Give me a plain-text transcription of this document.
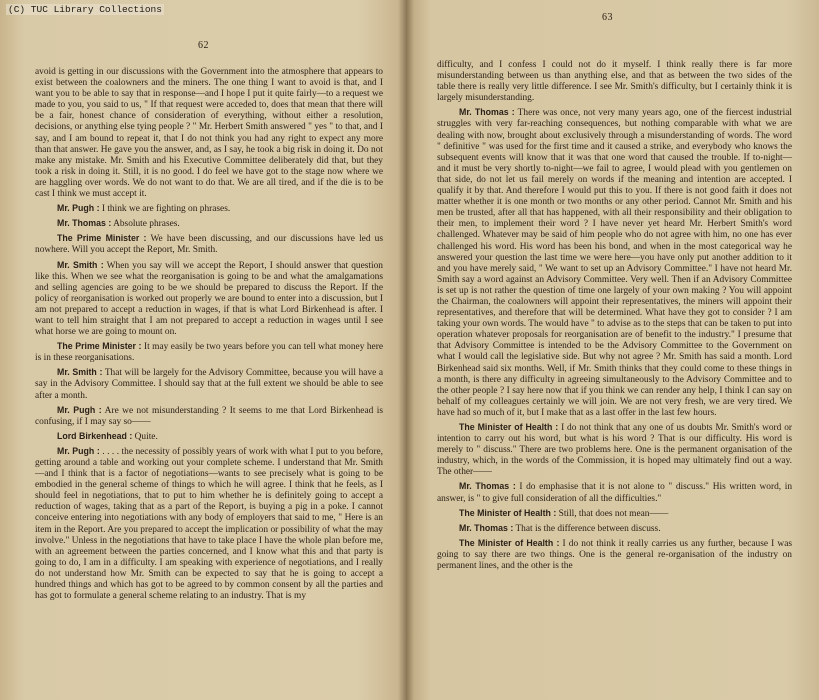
62

avoid is getting in our discussions with the Government into the atmosphere that appears to exist between the coalowners and the miners. The one thing I want to avoid is that, and I want you to be able to say that in response—and I hope I put it quite fairly—to a request we made to you, you said to us, " If that request were acceded to, does that mean that there will be a fair, honest chance of consideration of everything, without either a resolution, decisions, or anything else tying people ? " Mr. Herbert Smith answered " yes " to that, and I say, and I am bound to repeat it, that I do not think you had any right to expect any more than that answer. He gave you the answer, and, as I say, he took a big risk in doing it. Do not make any mistake. Mr. Smith and his Executive Committee deliberately did that, but they took a risk in doing it. Still, it is no good. I do feel we have got to the stage now where we are haggling over words. We do not want to do that. We are all tired, and if the die is to be cast I think we must accept it.

Mr. Pugh : I think we are fighting on phrases.

Mr. Thomas : Absolute phrases.

The Prime Minister : We have been discussing, and our discussions have led us nowhere. Will you accept the Report, Mr. Smith.

Mr. Smith : When you say will we accept the Report, I should answer that question like this. When we see what the reorganisation is going to be and what the amalgamations and selling agencies are going to be we should be prepared to discuss the Report. If the policy of reorganisation is worked out properly we are bound to enter into a discussion, but I am not prepared to accept a reduction in wages, if that is what Lord Birkenhead is after. I want to tell him straight that I am not prepared to accept a reduction in wages until I see what horse we are going to mount on.

The Prime Minister : It may easily be two years before you can tell what money here is in these reorganisations.

Mr. Smith : That will be largely for the Advisory Committee, because you will have a say in the Advisory Committee. I should say that at the full extent we should be able to see after a month.

Mr. Pugh : Are we not misunderstanding ? It seems to me that Lord Birkenhead is confusing, if I may say so——

Lord Birkenhead : Quite.

Mr. Pugh : . . . . the necessity of possibly years of work with what I put to you before, getting around a table and working out your complete scheme. I understand that Mr. Smith—and I think that is a factor of negotiations—wants to see precisely what is going to be embodied in the general scheme of things to which he will agree. I think that he feels, as I should feel in negotiations, that to put to him whether he is definitely going to accept a reduction of wages, taking that as a part of the Report, is buying a pig in a poke. I cannot conceive entering into negotiations with any body of employers that said to me, " Here is an item in the Report. Are you prepared to accept the implication or possibility of what the may involve." Unless in the negotiations that have to take place I have the whole plan before me, with an agreement between the parties concerned, and I know what this and that party is going to do, I am in a difficulty. I am speaking with experience of negotiations, and I really do not understand how Mr. Smith can be expected to say that he is going to accept a hundred things and which has got to be agreed to by common consent by all the parties and has got to formulate a general scheme relating to an industry. That is my

63

difficulty, and I confess I could not do it myself. I think really there is far more misunderstanding between us than anything else, and that as between the two sides of the table there is really very little difference. I see Mr. Smith's difficulty, but I certainly think it is largely misunderstanding.

Mr. Thomas : There was once, not very many years ago, one of the fiercest industrial struggles with very far-reaching consequences, but nothing comparable with what we are dealing with now, brought about exclusively through a misunderstanding of words. The word " definitive " was used for the first time and it caused a strike, and everybody who knows the subsequent events will know that it was that one word that caused the trouble. If to-night—and it must be very shortly to-night—we fail to agree, I would plead with you gentlemen on that side, do not let us fail merely on words if the meaning and intention are accepted. I qualify it by that. And therefore I would put this to you. If there is not good faith it does not matter whether it is one month or two months or any other period. Cannot Mr. Smith and his men be trusted, after all that has happened, with all their responsibility and their obligation to their men, to implement their word ? I have never yet heard Mr. Herbert Smith's word challenged. Whatever may be said of him people who do not agree with him, no one has ever challenged his word. His word has been his bond, and when in the most categorical way he answered your question the last time we were here—you have only put another addition to it and you have merely said, " We want to set up an Advisory Committee." I have not heard Mr. Smith say a word against an Advisory Committee. Very well. Then if an Advisory Committee is set up is not rather the question of time one largely of your own making ? You will appoint the Chairman, the coalowners will appoint their representatives, the miners will appoint their representatives, and therefore that will be determined. What have they got to consider ? I am taking your own words. The would have " to advise as to the steps that can be taken to put into operation whatever proposals for reorganisation are of benefit to the industry." I presume that that Advisory Committee is intended to be the Advisory Committee to the Government on what I would call the legislative side. But why not agree ? Mr. Smith has said a month. Lord Birkenhead said six months. Well, if Mr. Smith thinks that they could come to these things in a month, is there any difficulty in agreeing simultaneously to the Advisory Committee and to the other people ? I say here now that if you think we can render any help, I think I can say on behalf of my colleagues certainly we will join. We are not very fresh, we are very tired. We have had so much of it, but I make that as a last offer in the last few hours.

The Minister of Health : I do not think that any one of us doubts Mr. Smith's word or intention to carry out his word, but what is his word ? That is our difficulty. His word is merely to " discuss." There are two problems here. One is the permanent organisation of the industry, which, in the words of the Commission, it is hoped may ultimately find out a way. The other——

Mr. Thomas : I do emphasise that it is not alone to " discuss." His written word, in answer, is " to give full consideration of all the difficulties."

The Minister of Health : Still, that does not mean——

Mr. Thomas : That is the difference between discuss.

The Minister of Health : I do not think it really carries us any further, because I was going to say there are two things. One is the general re-organisation of the industry on permanent lines, and the other is the

(C) TUC Library Collections
